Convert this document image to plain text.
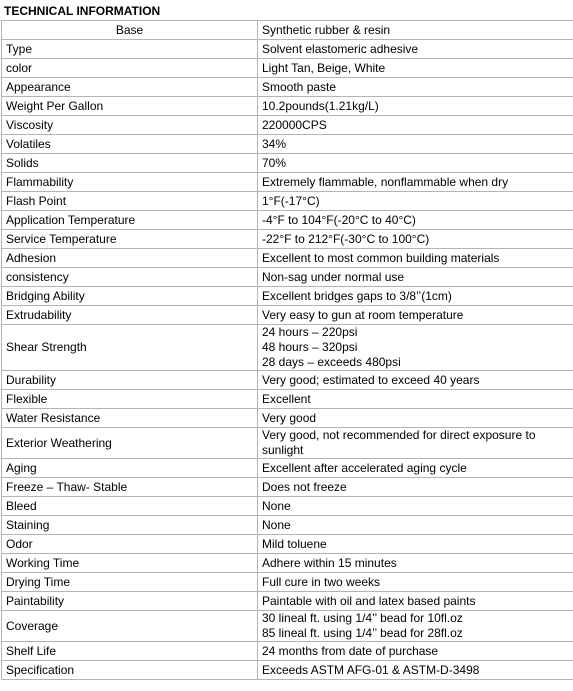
TECHNICAL INFORMATION
Base	Synthetic rubber & resin
Type	Solvent elastomeric adhesive
color	Light Tan, Beige, White
Appearance	Smooth paste
Weight Per Gallon	10.2pounds(1.21kg/L)
Viscosity	220000CPS
Volatiles	34%
Solids	70%
Flammability	Extremely flammable, nonflammable when dry
Flash Point	1°F(-17°C)
Application Temperature	-4°F to 104°F(-20°C to 40°C)
Service Temperature	-22°F to 212°F(-30°C to 100°C)
Adhesion	Excellent to most common building materials
consistency	Non-sag under normal use
Bridging Ability	Excellent bridges gaps to 3/8’’(1cm)
Extrudability	Very easy to gun at room temperature
Shear Strength	24 hours – 220psi
48 hours – 320psi
28 days – exceeds 480psi

Durability	Very good; estimated to exceed 40 years
Flexible	Excellent
Water Resistance	Very good
Exterior Weathering	Very good, not recommended for direct exposure to
sunlight

Aging	Excellent after accelerated aging cycle
Freeze – Thaw- Stable	Does not freeze
Bleed	None
Staining	None
Odor	Mild toluene
Working Time	Adhere within 15 minutes
Drying Time	Full cure in two weeks
Paintability	Paintable with oil and latex based paints
Coverage	30 lineal ft. using 1/4’’ bead for 10fl.oz
85 lineal ft. using 1/4’’ bead for 28fl.oz

Shelf Life	24 months from date of purchase
Specification	Exceeds ASTM AFG-01 & ASTM-D-3498
